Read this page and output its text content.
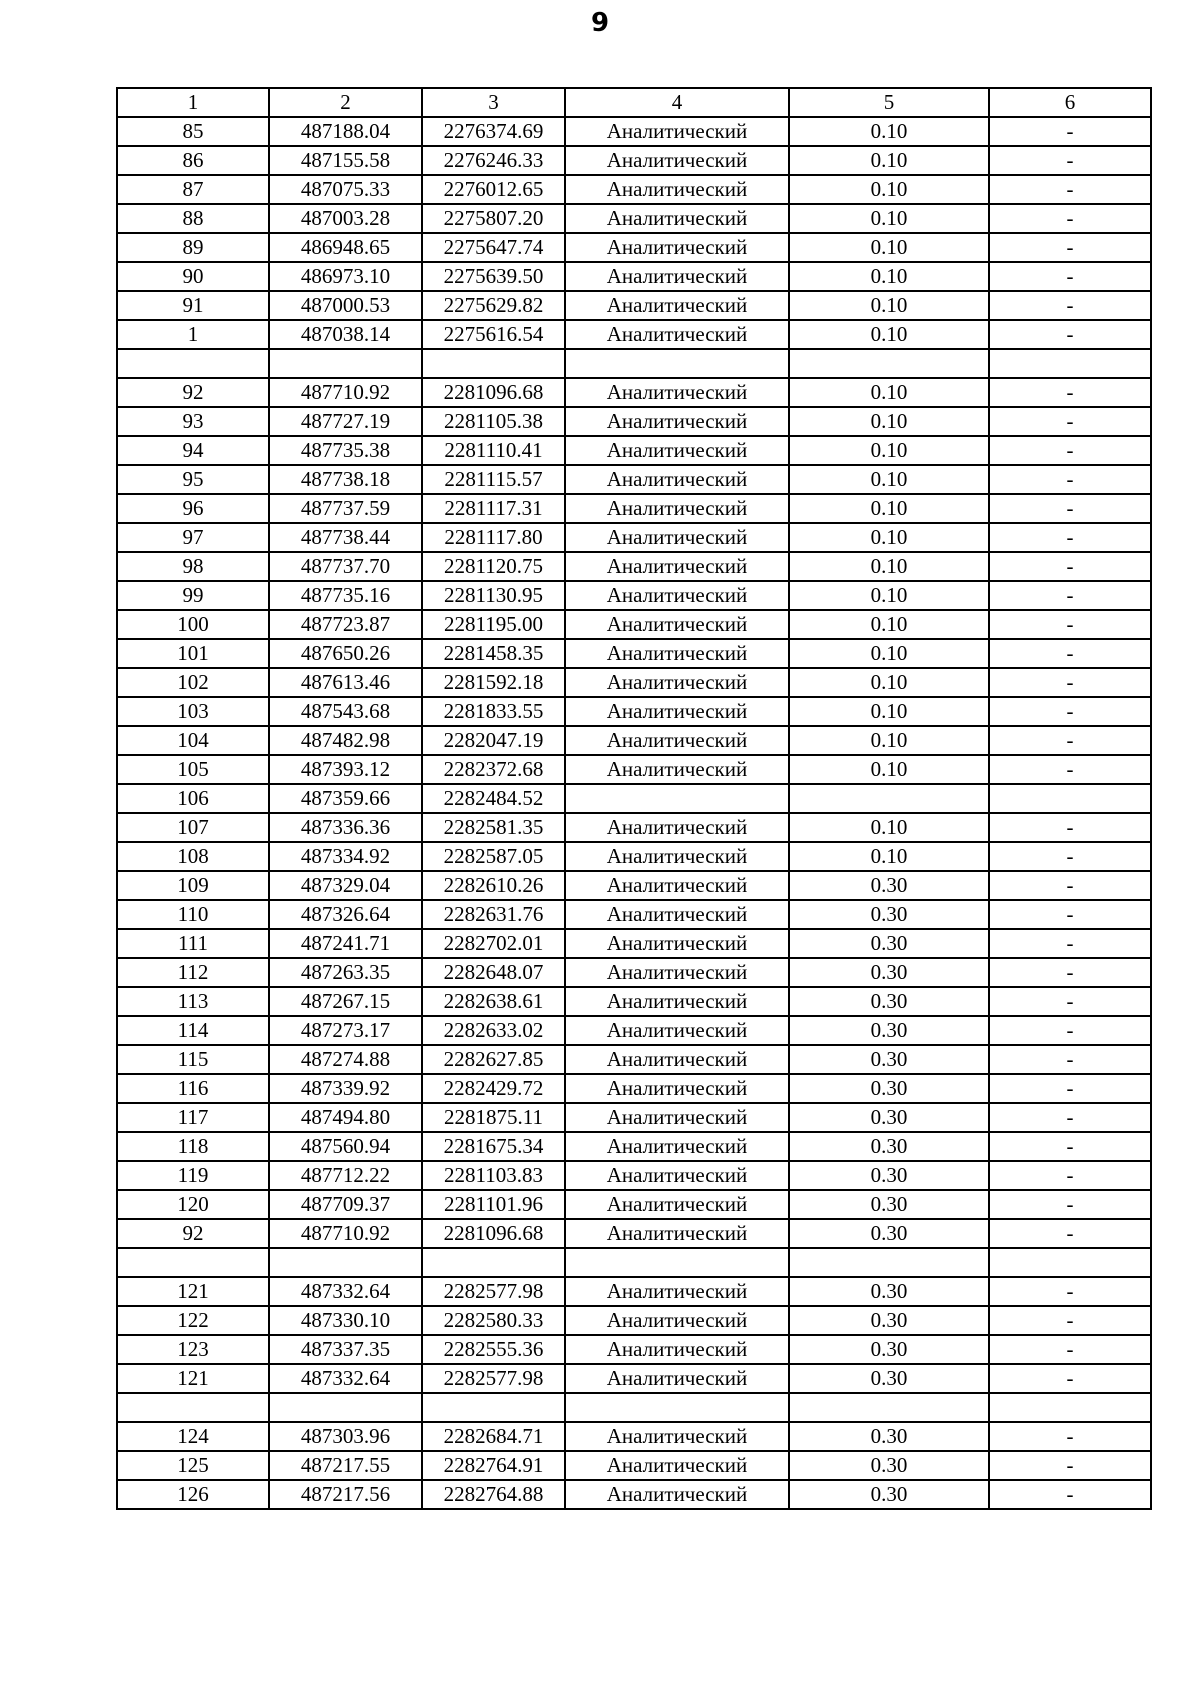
9
1	2	3	4	5	6
85	487188.04	2276374.69	Аналитический	0.10	-
86	487155.58	2276246.33	Аналитический	0.10	-
87	487075.33	2276012.65	Аналитический	0.10	-
88	487003.28	2275807.20	Аналитический	0.10	-
89	486948.65	2275647.74	Аналитический	0.10	-
90	486973.10	2275639.50	Аналитический	0.10	-
91	487000.53	2275629.82	Аналитический	0.10	-
1	487038.14	2275616.54	Аналитический	0.10	-

92	487710.92	2281096.68	Аналитический	0.10	-
93	487727.19	2281105.38	Аналитический	0.10	-
94	487735.38	2281110.41	Аналитический	0.10	-
95	487738.18	2281115.57	Аналитический	0.10	-
96	487737.59	2281117.31	Аналитический	0.10	-
97	487738.44	2281117.80	Аналитический	0.10	-
98	487737.70	2281120.75	Аналитический	0.10	-
99	487735.16	2281130.95	Аналитический	0.10	-
100	487723.87	2281195.00	Аналитический	0.10	-
101	487650.26	2281458.35	Аналитический	0.10	-
102	487613.46	2281592.18	Аналитический	0.10	-
103	487543.68	2281833.55	Аналитический	0.10	-
104	487482.98	2282047.19	Аналитический	0.10	-
105	487393.12	2282372.68	Аналитический	0.10	-
106	487359.66	2282484.52			
107	487336.36	2282581.35	Аналитический	0.10	-
108	487334.92	2282587.05	Аналитический	0.10	-
109	487329.04	2282610.26	Аналитический	0.30	-
110	487326.64	2282631.76	Аналитический	0.30	-
111	487241.71	2282702.01	Аналитический	0.30	-
112	487263.35	2282648.07	Аналитический	0.30	-
113	487267.15	2282638.61	Аналитический	0.30	-
114	487273.17	2282633.02	Аналитический	0.30	-
115	487274.88	2282627.85	Аналитический	0.30	-
116	487339.92	2282429.72	Аналитический	0.30	-
117	487494.80	2281875.11	Аналитический	0.30	-
118	487560.94	2281675.34	Аналитический	0.30	-
119	487712.22	2281103.83	Аналитический	0.30	-
120	487709.37	2281101.96	Аналитический	0.30	-
92	487710.92	2281096.68	Аналитический	0.30	-

121	487332.64	2282577.98	Аналитический	0.30	-
122	487330.10	2282580.33	Аналитический	0.30	-
123	487337.35	2282555.36	Аналитический	0.30	-
121	487332.64	2282577.98	Аналитический	0.30	-

124	487303.96	2282684.71	Аналитический	0.30	-
125	487217.55	2282764.91	Аналитический	0.30	-
126	487217.56	2282764.88	Аналитический	0.30	-
